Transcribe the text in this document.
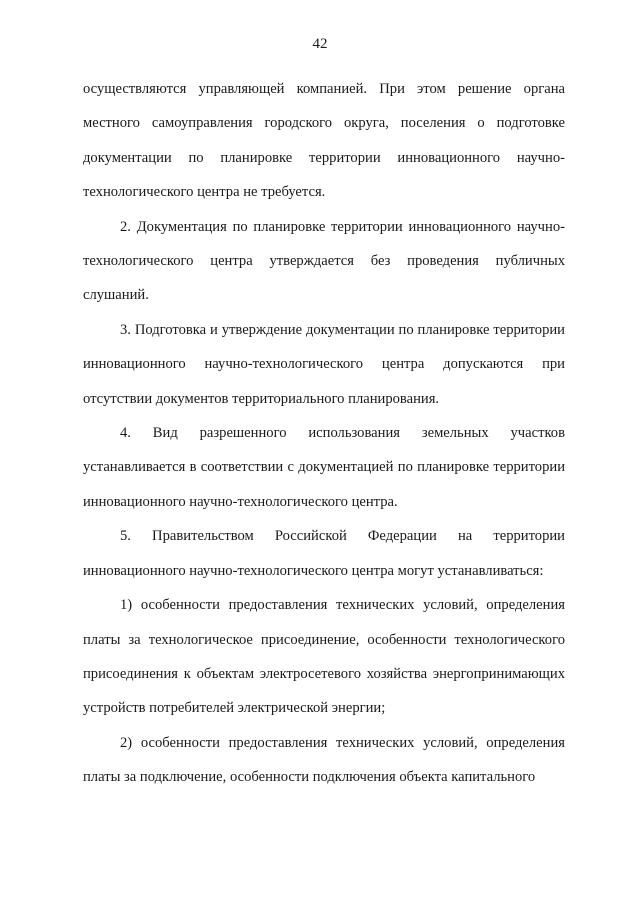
42

осуществляются управляющей компанией. При этом решение органа местного самоуправления городского округа, поселения о подготовке документации по планировке территории инновационного научно-технологического центра не требуется.

2. Документация по планировке территории инновационного научно-технологического центра утверждается без проведения публичных слушаний.

3. Подготовка и утверждение документации по планировке территории инновационного научно-технологического центра допускаются при отсутствии документов территориального планирования.

4. Вид разрешенного использования земельных участков устанавливается в соответствии с документацией по планировке территории инновационного научно-технологического центра.

5. Правительством Российской Федерации на территории инновационного научно-технологического центра могут устанавливаться:

1) особенности предоставления технических условий, определения платы за технологическое присоединение, особенности технологического присоединения к объектам электросетевого хозяйства энергопринимающих устройств потребителей электрической энергии;

2) особенности предоставления технических условий, определения платы за подключение, особенности подключения объекта капитального
